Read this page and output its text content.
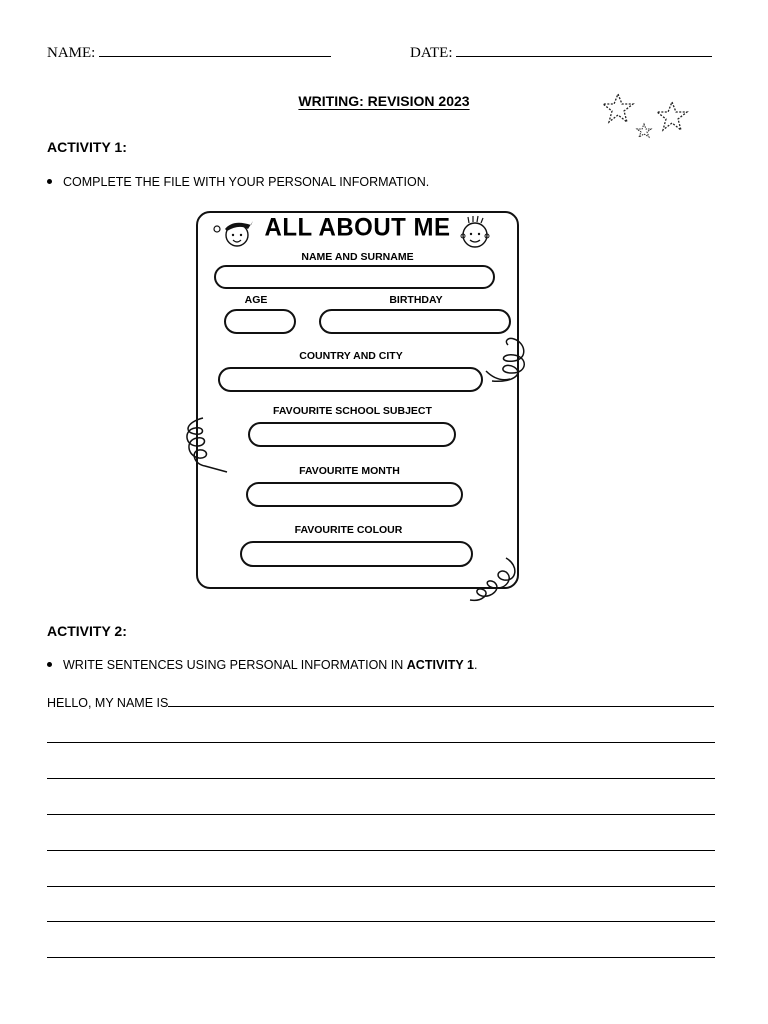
NAME:	DATE:
WRITING: REVISION 2023
ACTIVITY 1:
COMPLETE THE FILE WITH YOUR PERSONAL INFORMATION.
ALL ABOUT ME
NAME AND SURNAME
AGE	BIRTHDAY
COUNTRY AND CITY
FAVOURITE SCHOOL SUBJECT
FAVOURITE MONTH
FAVOURITE COLOUR
ACTIVITY 2:
WRITE SENTENCES USING PERSONAL INFORMATION IN ACTIVITY 1.
HELLO, MY NAME IS
